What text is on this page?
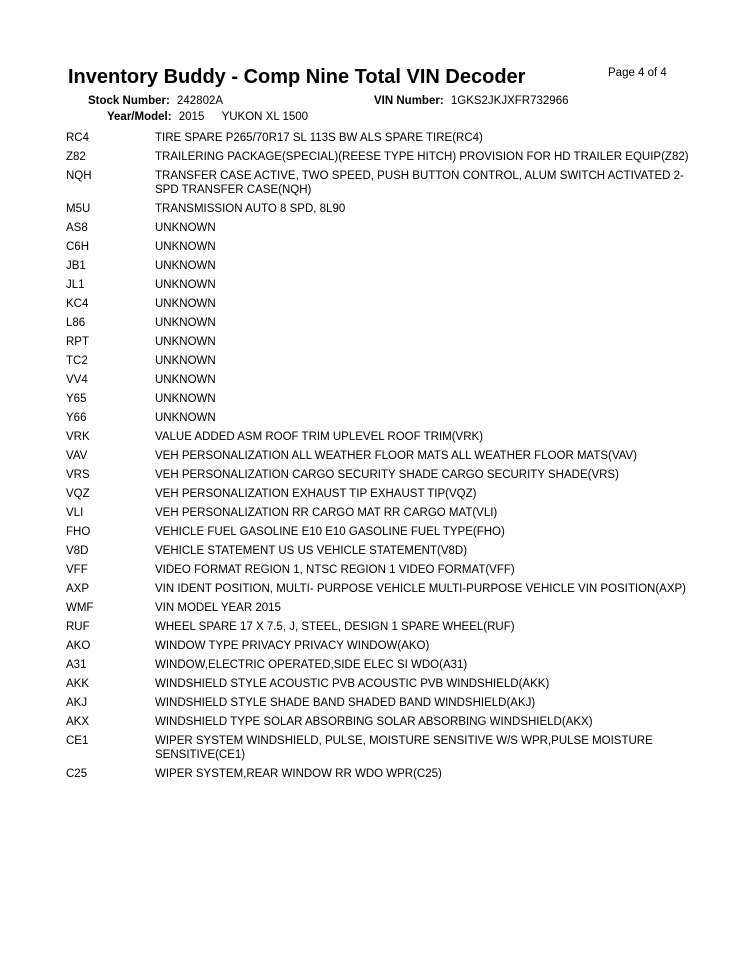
Inventory Buddy - Comp Nine Total VIN Decoder	Page 4 of 4
Stock Number: 242802A	VIN Number: 1GKS2JKJXFR732966
Year/Model: 2015 YUKON XL 1500
RC4	TIRE SPARE P265/70R17 SL 113S BW ALS SPARE TIRE(RC4)
Z82	TRAILERING PACKAGE(SPECIAL)(REESE TYPE HITCH) PROVISION FOR HD TRAILER EQUIP(Z82)
NQH	TRANSFER CASE ACTIVE, TWO SPEED, PUSH BUTTON CONTROL, ALUM SWITCH ACTIVATED 2-SPD TRANSFER CASE(NQH)
M5U	TRANSMISSION AUTO 8 SPD, 8L90
AS8	UNKNOWN
C6H	UNKNOWN
JB1	UNKNOWN
JL1	UNKNOWN
KC4	UNKNOWN
L86	UNKNOWN
RPT	UNKNOWN
TC2	UNKNOWN
VV4	UNKNOWN
Y65	UNKNOWN
Y66	UNKNOWN
VRK	VALUE ADDED ASM ROOF TRIM UPLEVEL ROOF TRIM(VRK)
VAV	VEH PERSONALIZATION ALL WEATHER FLOOR MATS ALL WEATHER FLOOR MATS(VAV)
VRS	VEH PERSONALIZATION CARGO SECURITY SHADE CARGO SECURITY SHADE(VRS)
VQZ	VEH PERSONALIZATION EXHAUST TIP EXHAUST TIP(VQZ)
VLI	VEH PERSONALIZATION RR CARGO MAT RR CARGO MAT(VLI)
FHO	VEHICLE FUEL GASOLINE E10 E10 GASOLINE FUEL TYPE(FHO)
V8D	VEHICLE STATEMENT US US VEHICLE STATEMENT(V8D)
VFF	VIDEO FORMAT REGION 1, NTSC REGION 1 VIDEO FORMAT(VFF)
AXP	VIN IDENT POSITION, MULTI- PURPOSE VEHICLE MULTI-PURPOSE VEHICLE VIN POSITION(AXP)
WMF	VIN MODEL YEAR 2015
RUF	WHEEL SPARE 17 X 7.5, J, STEEL, DESIGN 1 SPARE WHEEL(RUF)
AKO	WINDOW TYPE PRIVACY PRIVACY WINDOW(AKO)
A31	WINDOW,ELECTRIC OPERATED,SIDE ELEC SI WDO(A31)
AKK	WINDSHIELD STYLE ACOUSTIC PVB ACOUSTIC PVB WINDSHIELD(AKK)
AKJ	WINDSHIELD STYLE SHADE BAND SHADED BAND WINDSHIELD(AKJ)
AKX	WINDSHIELD TYPE SOLAR ABSORBING SOLAR ABSORBING WINDSHIELD(AKX)
CE1	WIPER SYSTEM WINDSHIELD, PULSE, MOISTURE SENSITIVE W/S WPR,PULSE MOISTURE SENSITIVE(CE1)
C25	WIPER SYSTEM,REAR WINDOW RR WDO WPR(C25)
